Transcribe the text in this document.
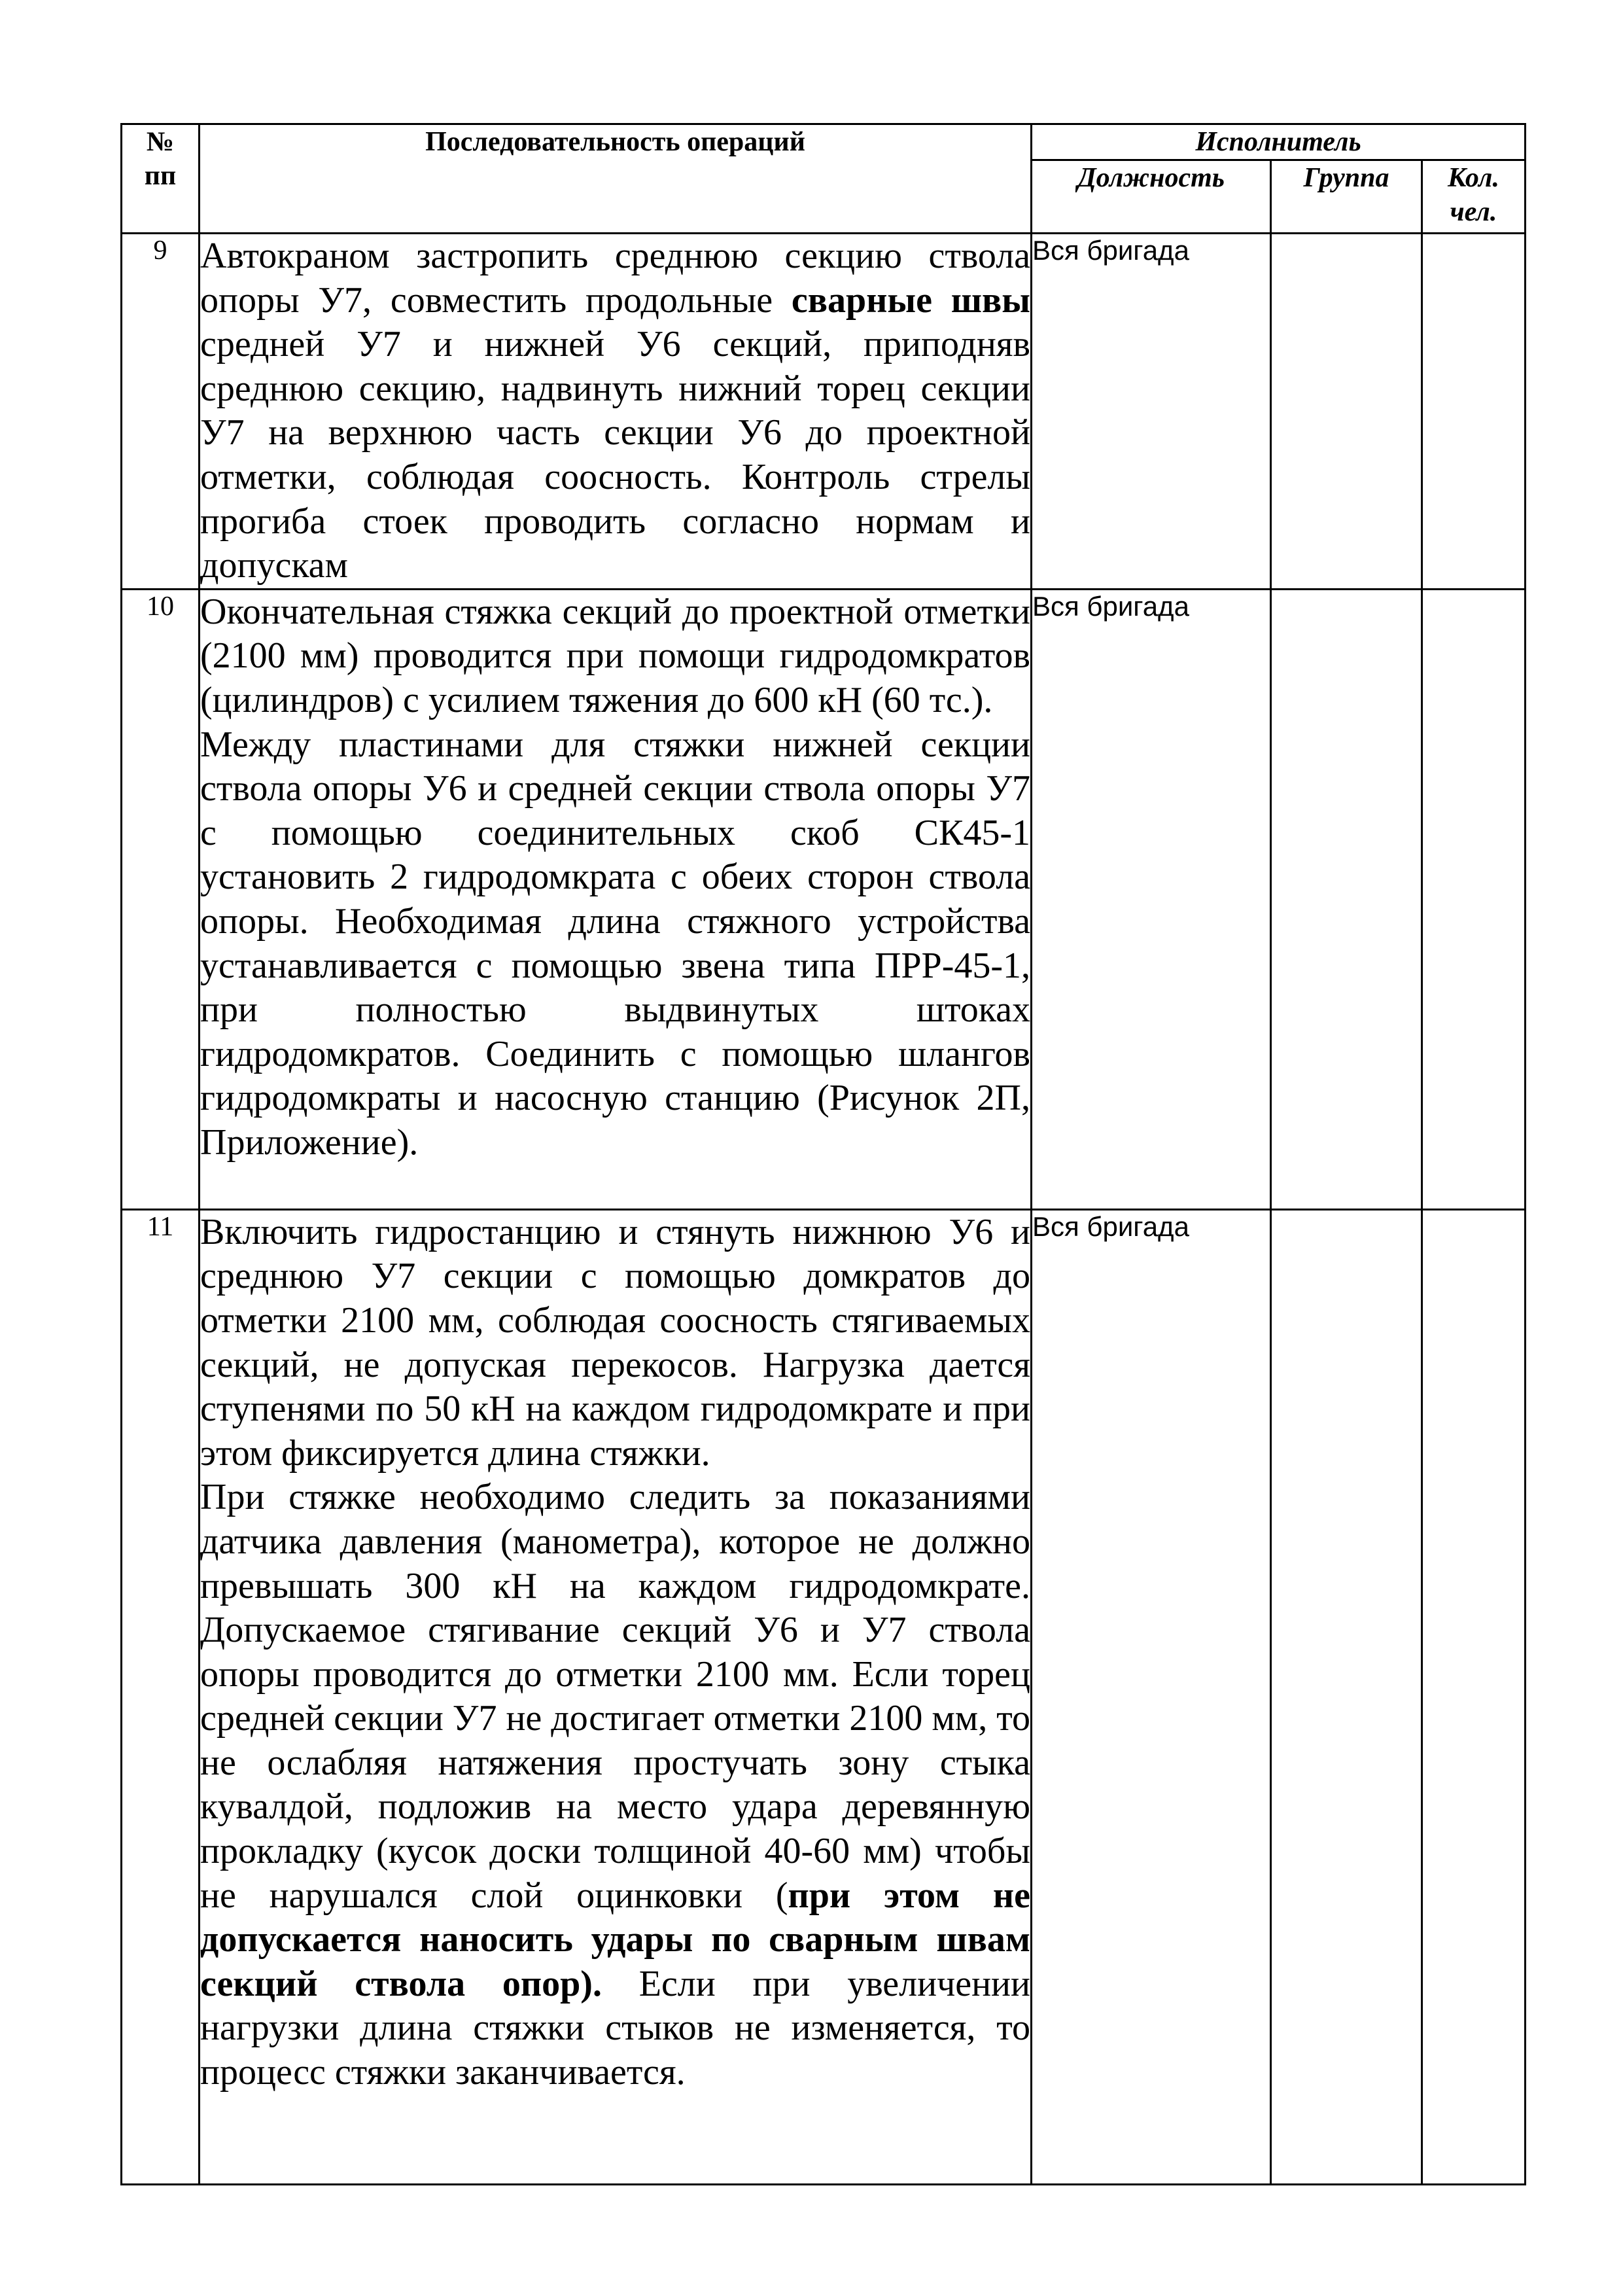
№
пп	Последовательность операций	Исполнитель		
		Должность	Группа	Кол.
чел.

9	Автокраном застропить среднюю секцию ствола опоры У7, совместить продольные сварные швы средней У7 и нижней У6 секций, приподняв среднюю секцию, надвинуть нижний торец секции У7 на верхнюю часть секции У6 до проектной отметки, соблюдая соосность. Контроль стрелы прогиба стоек проводить согласно нормам и допускам	Вся бригада		
10	Окончательная стяжка секций до проектной отметки (2100 мм) проводится при помощи гидродомкратов (цилиндров) с усилием тяжения до 600 кН (60 тс.).

Между пластинами для стяжки нижней секции ствола опоры У6 и средней секции ствола опоры У7 с помощью соединительных скоб СК45-1 установить 2 гидродомкрата с обеих сторон ствола опоры. Необходимая длина стяжного устройства устанавливается с помощью звена типа ПРР-45-1, при полностью выдвинутых штоках гидродомкратов. Соединить с помощью шлангов гидродомкраты и насосную станцию (Рисунок 2П, Приложение).	Вся бригада		
11	Включить гидростанцию и стянуть нижнюю У6 и среднюю У7 секции с помощью домкратов до отметки 2100 мм, соблюдая соосность стягиваемых секций, не допуская перекосов. Нагрузка дается ступенями по 50 кН на каждом гидродомкрате и при этом фиксируется длина стяжки.

При стяжке необходимо следить за показаниями датчика давления (манометра), которое не должно превышать 300 кН на каждом гидродомкрате. Допускаемое стягивание секций У6 и У7 ствола опоры проводится до отметки 2100 мм. Если торец средней секции У7 не достигает отметки 2100 мм, то не ослабляя натяжения простучать зону стыка кувалдой, подложив на место удара деревянную прокладку (кусок доски толщиной 40-60 мм) чтобы не нарушался слой оцинковки (при этом не допускается наносить удары по сварным швам секций ствола опор). Если при увеличении нагрузки длина стяжки стыков не изменяется, то процесс стяжки заканчивается.	Вся бригада		
